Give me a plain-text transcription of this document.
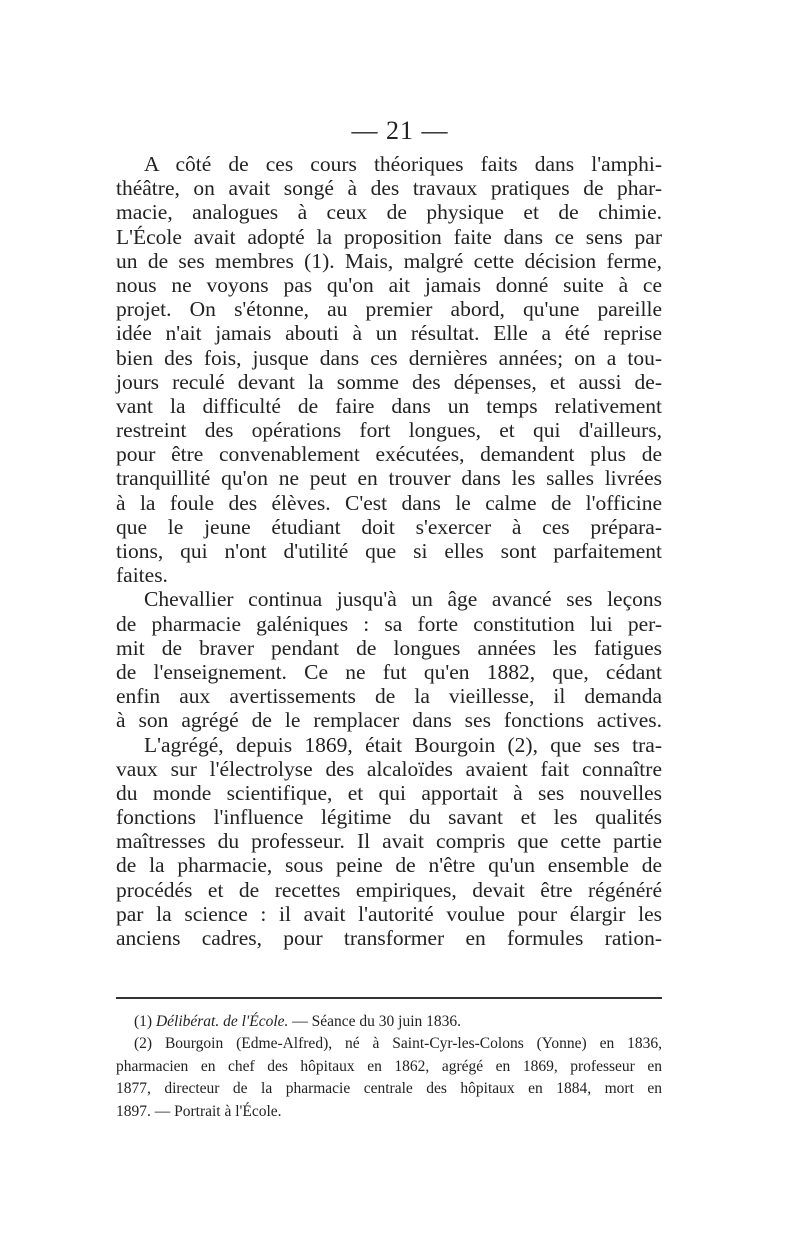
— 21 —
A côté de ces cours théoriques faits dans l'amphi-
théâtre, on avait songé à des travaux pratiques de phar-
macie, analogues à ceux de physique et de chimie.
L'École avait adopté la proposition faite dans ce sens par
un de ses membres (1). Mais, malgré cette décision ferme,
nous ne voyons pas qu'on ait jamais donné suite à ce
projet. On s'étonne, au premier abord, qu'une pareille
idée n'ait jamais abouti à un résultat. Elle a été reprise
bien des fois, jusque dans ces dernières années; on a tou-
jours reculé devant la somme des dépenses, et aussi de-
vant la difficulté de faire dans un temps relativement
restreint des opérations fort longues, et qui d'ailleurs,
pour être convenablement exécutées, demandent plus de
tranquillité qu'on ne peut en trouver dans les salles livrées
à la foule des élèves. C'est dans le calme de l'officine
que le jeune étudiant doit s'exercer à ces prépara-
tions, qui n'ont d'utilité que si elles sont parfaitement
faites.
Chevallier continua jusqu'à un âge avancé ses leçons
de pharmacie galéniques : sa forte constitution lui per-
mit de braver pendant de longues années les fatigues
de l'enseignement. Ce ne fut qu'en 1882, que, cédant
enfin aux avertissements de la vieillesse, il demanda
à son agrégé de le remplacer dans ses fonctions actives.
L'agrégé, depuis 1869, était Bourgoin (2), que ses tra-
vaux sur l'électrolyse des alcaloïdes avaient fait connaître
du monde scientifique, et qui apportait à ses nouvelles
fonctions l'influence légitime du savant et les qualités
maîtresses du professeur. Il avait compris que cette partie
de la pharmacie, sous peine de n'être qu'un ensemble de
procédés et de recettes empiriques, devait être régénéré
par la science : il avait l'autorité voulue pour élargir les
anciens cadres, pour transformer en formules ration-
(1) Délibérat. de l'École. — Séance du 30 juin 1836.
(2) Bourgoin (Edme-Alfred), né à Saint-Cyr-les-Colons (Yonne) en 1836,
pharmacien en chef des hôpitaux en 1862, agrégé en 1869, professeur en
1877, directeur de la pharmacie centrale des hôpitaux en 1884, mort en
1897. — Portrait à l'École.
